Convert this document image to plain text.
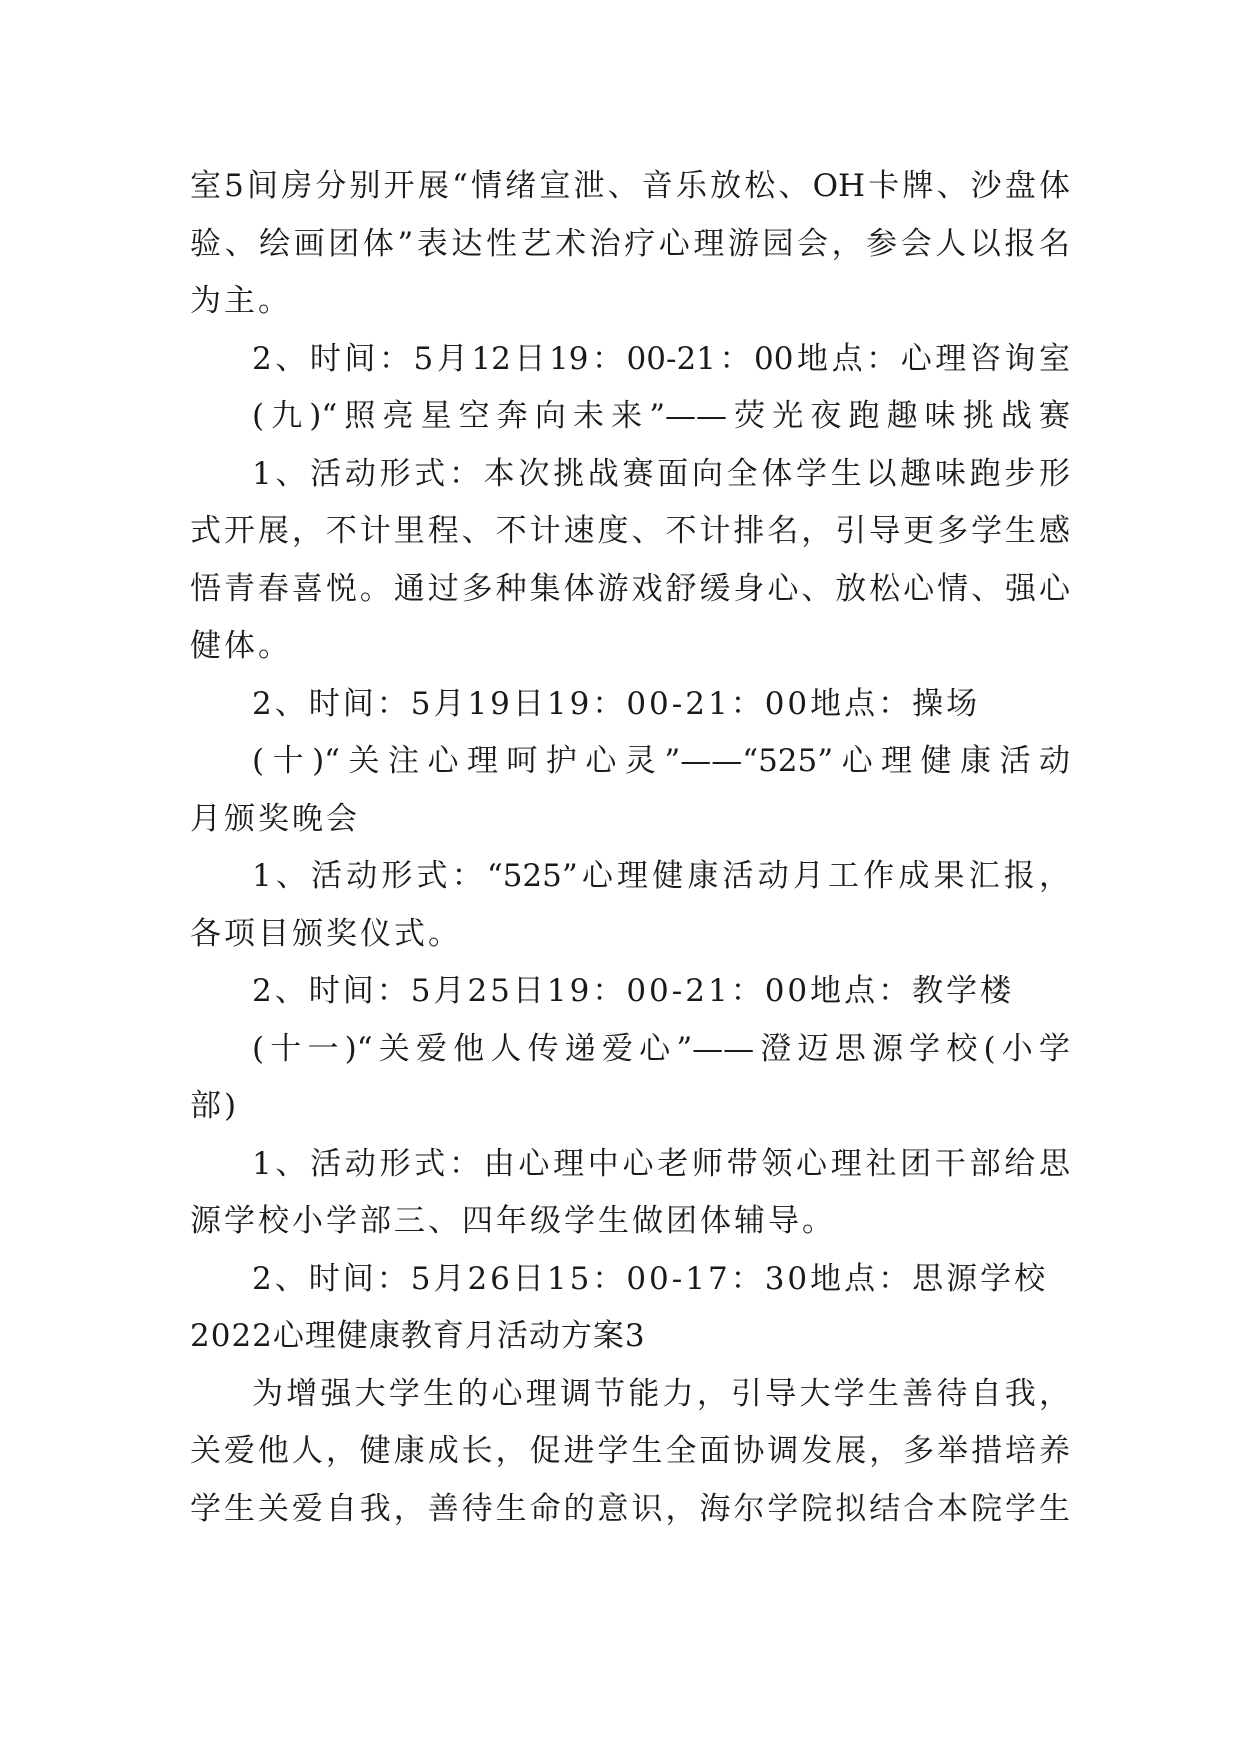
室5间房分别开展“情绪宣泄、音乐放松、OH卡牌、沙盘体
验、绘画团体”表达性艺术治疗心理游园会，参会人以报名
为主。
2、时间：5月12日19：00-21：00地点：心理咨询室
(九)“照亮星空奔向未来”——荧光夜跑趣味挑战赛
1、活动形式：本次挑战赛面向全体学生以趣味跑步形
式开展，不计里程、不计速度、不计排名，引导更多学生感
悟青春喜悦。通过多种集体游戏舒缓身心、放松心情、强心
健体。
2、时间：5月19日19：00-21：00地点：操场
(十)“关注心理呵护心灵”——“525”心理健康活动
月颁奖晚会
1、活动形式：“525”心理健康活动月工作成果汇报，
各项目颁奖仪式。
2、时间：5月25日19：00-21：00地点：教学楼
(十一)“关爱他人传递爱心”——澄迈思源学校(小学
部)
1、活动形式：由心理中心老师带领心理社团干部给思
源学校小学部三、四年级学生做团体辅导。
2、时间：5月26日15：00-17：30地点：思源学校
2022心理健康教育月活动方案3
为增强大学生的心理调节能力，引导大学生善待自我，
关爱他人，健康成长，促进学生全面协调发展，多举措培养
学生关爱自我，善待生命的意识，海尔学院拟结合本院学生
